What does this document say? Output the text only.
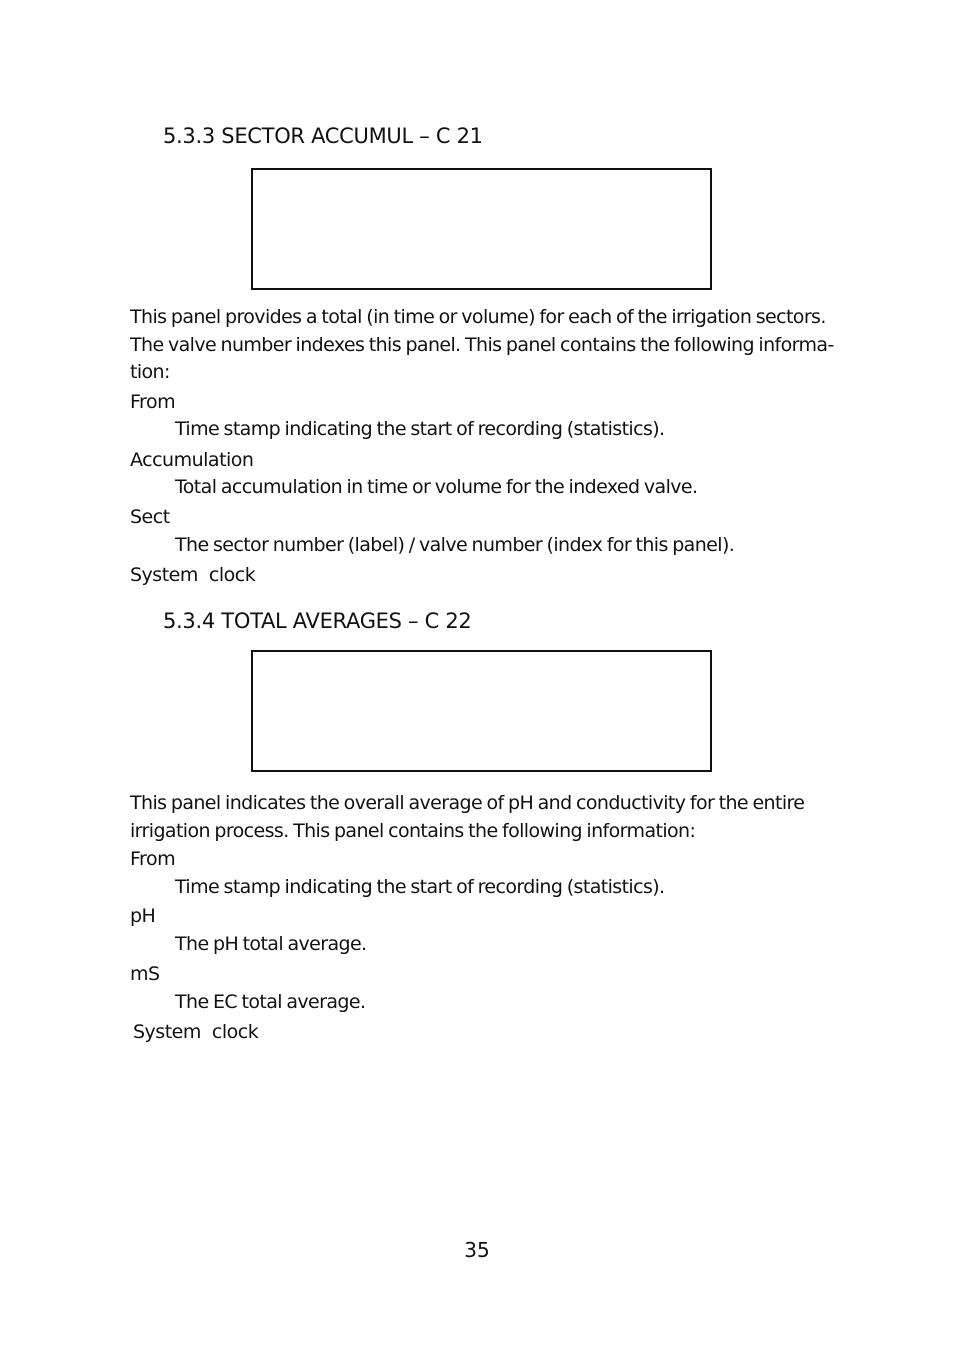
5.3.3 SECTOR ACCUMUL – C 21
This panel provides a total (in time or volume) for each of the irrigation sectors.
The valve number indexes this panel. This panel contains the following informa-
tion:
From
Time stamp indicating the start of recording (statistics).
Accumulation
Total accumulation in time or volume for the indexed valve.
Sect
The sector number (label) / valve number (index for this panel).
System  clock
5.3.4 TOTAL AVERAGES – C 22
This panel indicates the overall average of pH and conductivity for the entire
irrigation process. This panel contains the following information:
From
Time stamp indicating the start of recording (statistics).
pH
The pH total average.
mS
The EC total average.
System  clock
35
